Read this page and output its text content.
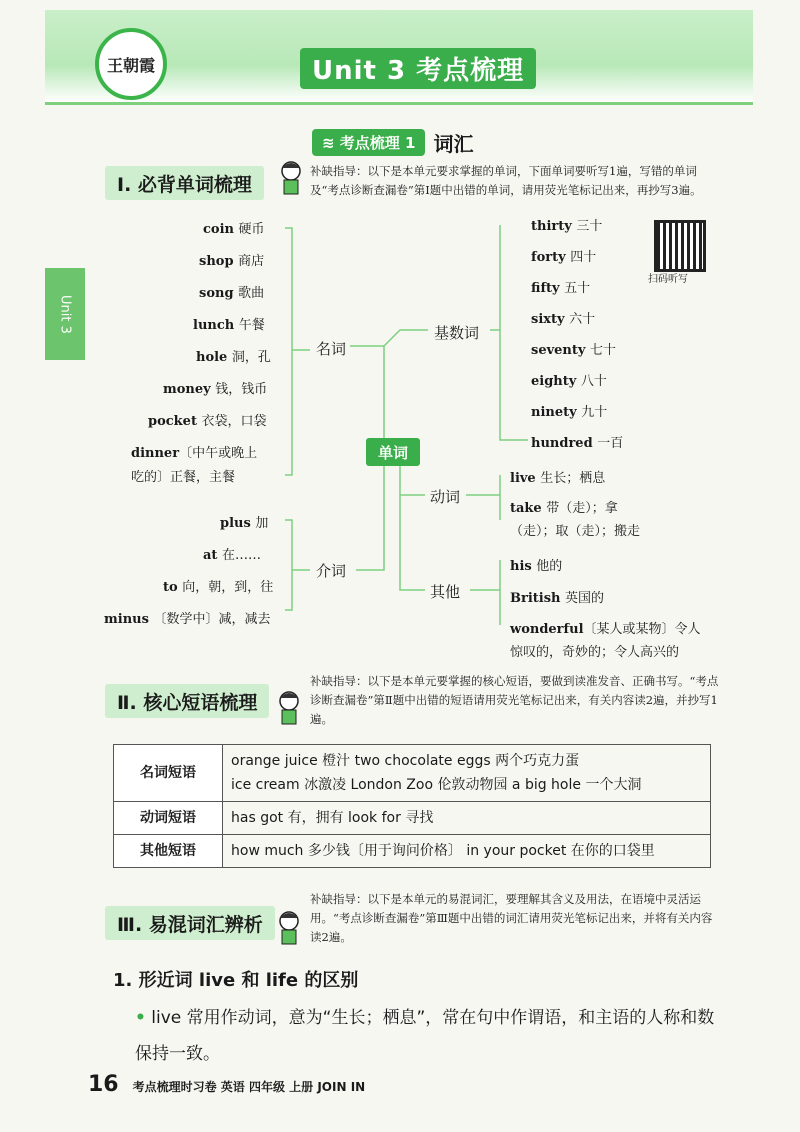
王朝霞	Unit 3 考点梳理
Unit 3
≋ 考点梳理 1 词汇
Ⅰ. 必背单词梳理
补缺指导：以下是本单元要求掌握的单词，下面单词要听写1遍，写错的单词及“考点诊断查漏卷”第Ⅰ题中出错的单词，请用荧光笔标记出来，再抄写3遍。
coin 硬币
shop 商店
song 歌曲
lunch 午餐
hole 洞，孔
money 钱，钱币
pocket 衣袋，口袋
dinner〔中午或晚上
吃的〕正餐，主餐
名词
介词
单词
基数词
动词
其他
plus 加
at 在……
to 向，朝，到，往
minus 〔数学中〕减，减去
thirty 三十
forty 四十
fifty 五十
sixty 六十
seventy 七十
eighty 八十
ninety 九十
hundred 一百
扫码听写
live 生长；栖息
take 带（走）；拿
（走）；取（走）；搬走
his 他的
British 英国的
wonderful〔某人或某物〕令人
惊叹的，奇妙的；令人高兴的
Ⅱ. 核心短语梳理
补缺指导：以下是本单元要掌握的核心短语，要做到读准发音、正确书写。“考点诊断查漏卷”第Ⅱ题中出错的短语请用荧光笔标记出来，有关内容读2遍，并抄写1遍。
名词短语	orange juice 橙汁 two chocolate eggs 两个巧克力蛋
ice cream 冰激凌 London Zoo 伦敦动物园 a big hole 一个大洞

动词短语	has got 有，拥有 look for 寻找
其他短语	how much 多少钱〔用于询问价格〕 in your pocket 在你的口袋里
Ⅲ. 易混词汇辨析
补缺指导：以下是本单元的易混词汇，要理解其含义及用法，在语境中灵活运用。“考点诊断查漏卷”第Ⅲ题中出错的词汇请用荧光笔标记出来，并将有关内容读2遍。
1. 形近词 live 和 life 的区别
• live 常用作动词，意为“生长；栖息”，常在句中作谓语，和主语的人称和数保持一致。
16 考点梳理时习卷 英语 四年级 上册 JOIN IN
